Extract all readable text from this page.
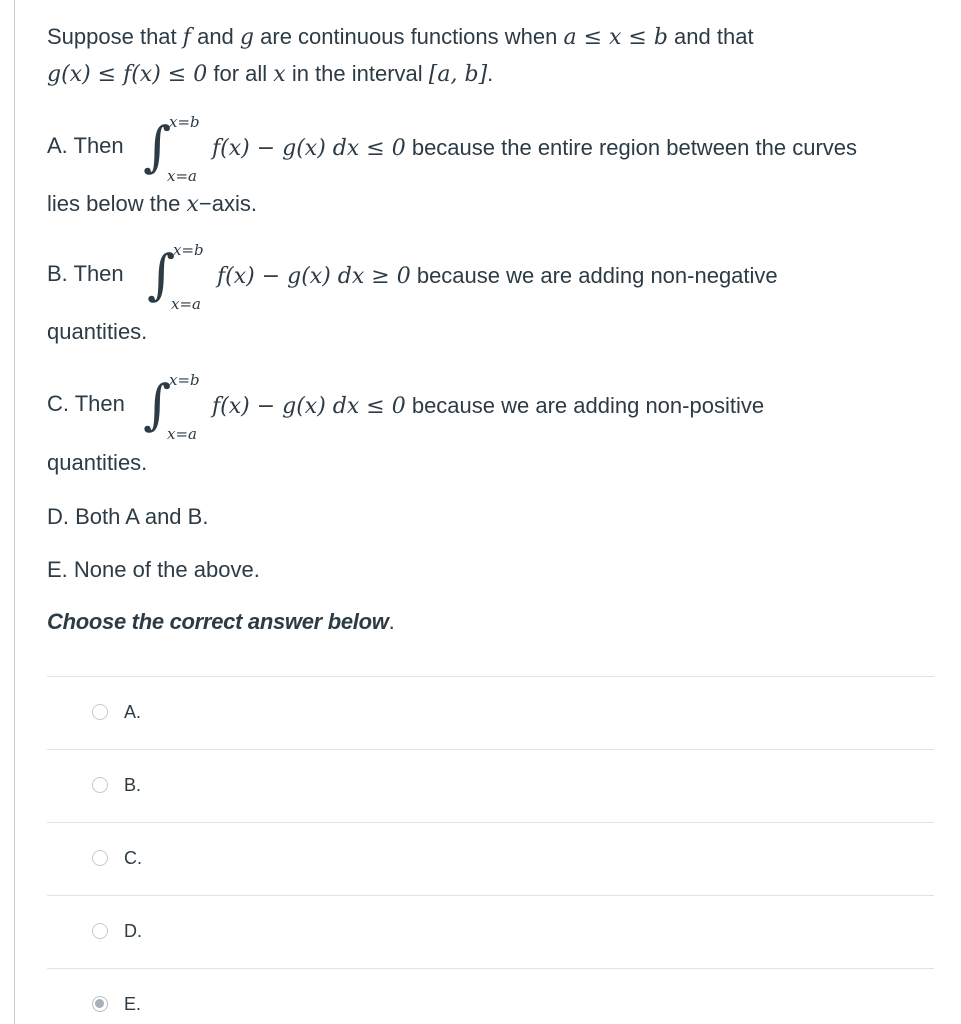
Suppose that f and g are continuous functions when a ≤ x ≤ b and that
g(x) ≤ f(x) ≤ 0 for all x in the interval [a, b].
A. Then ∫
x=b
x=a
f(x) − g(x) dx ≤ 0 because the entire region between the curves
lies below the x−axis.
B. Then ∫
x=b
x=a
f(x) − g(x) dx ≥ 0 because we are adding non-negative
quantities.
C. Then ∫
x=b
x=a
f(x) − g(x) dx ≤ 0 because we are adding non-positive
quantities.
D. Both A and B.
E. None of the above.
Choose the correct answer below.
A.
B.
C.
D.
E.
